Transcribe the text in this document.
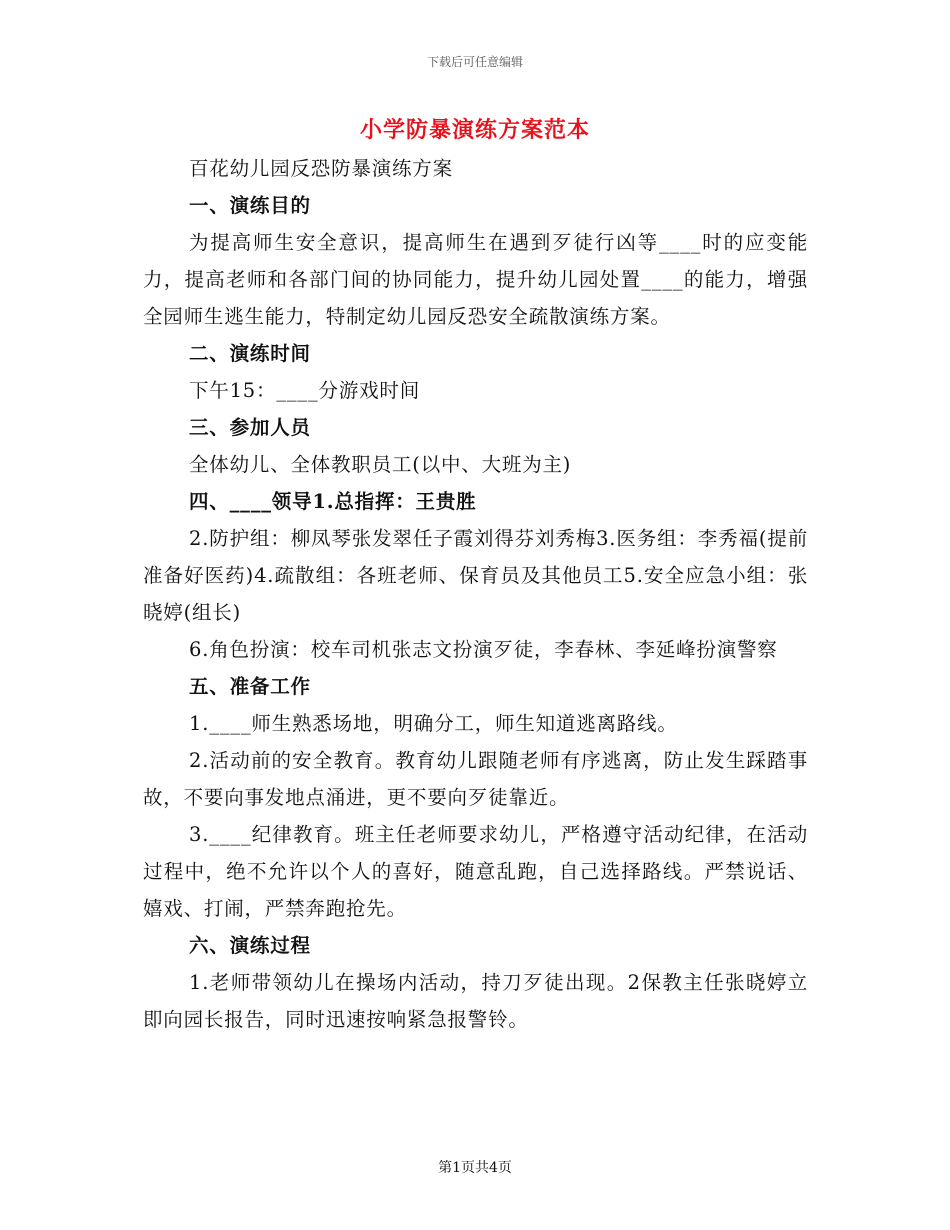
下载后可任意编辑
小学防暴演练方案范本

百花幼儿园反恐防暴演练方案

一、演练目的

为提高师生安全意识，提高师生在遇到歹徒行凶等____时的应变能力，提高老师和各部门间的协同能力，提升幼儿园处置____的能力，增强全园师生逃生能力，特制定幼儿园反恐安全疏散演练方案。

二、演练时间

下午15：____分游戏时间

三、参加人员

全体幼儿、全体教职员工(以中、大班为主)

四、____领导1.总指挥：王贵胜

2.防护组：柳凤琴张发翠任子霞刘得芬刘秀梅3.医务组：李秀福(提前准备好医药)4.疏散组：各班老师、保育员及其他员工5.安全应急小组：张晓婷(组长)

6.角色扮演：校车司机张志文扮演歹徒，李春林、李延峰扮演警察

五、准备工作

1.____师生熟悉场地，明确分工，师生知道逃离路线。

2.活动前的安全教育。教育幼儿跟随老师有序逃离，防止发生踩踏事故，不要向事发地点涌进，更不要向歹徒靠近。

3.____纪律教育。班主任老师要求幼儿，严格遵守活动纪律，在活动过程中，绝不允许以个人的喜好，随意乱跑，自己选择路线。严禁说话、嬉戏、打闹，严禁奔跑抢先。

六、演练过程

1.老师带领幼儿在操场内活动，持刀歹徒出现。2保教主任张晓婷立即向园长报告，同时迅速按响紧急报警铃。

第1页共4页
